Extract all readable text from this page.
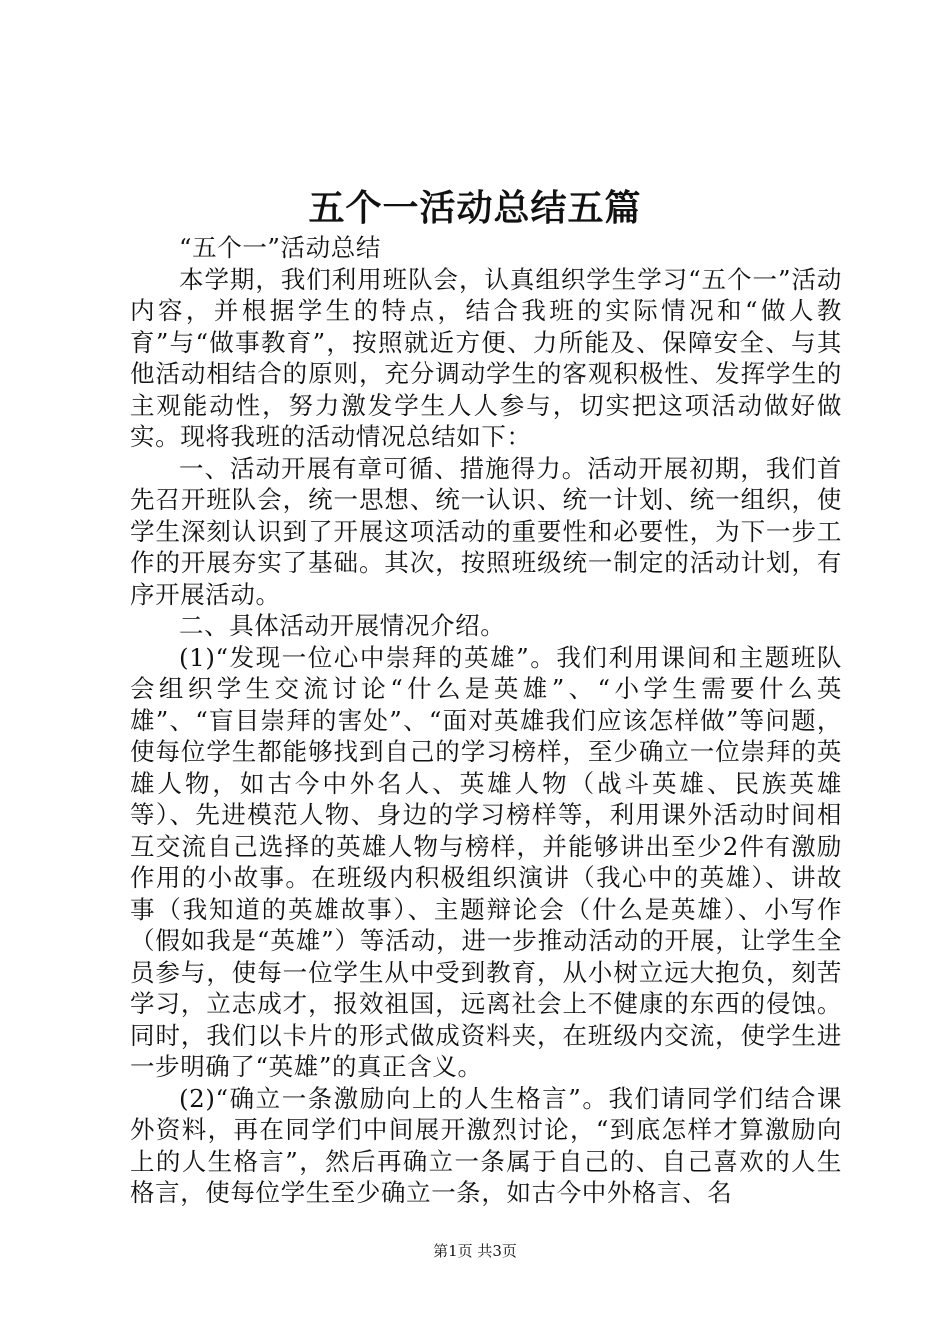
五个一活动总结五篇

“五个一”活动总结

本学期，我们利用班队会，认真组织学生学习“五个一”活动内容，并根据学生的特点，结合我班的实际情况和“做人教育”与“做事教育”，按照就近方便、力所能及、保障安全、与其他活动相结合的原则，充分调动学生的客观积极性、发挥学生的主观能动性，努力激发学生人人参与，切实把这项活动做好做实。现将我班的活动情况总结如下：

一、活动开展有章可循、措施得力。活动开展初期，我们首先召开班队会，统一思想、统一认识、统一计划、统一组织，使学生深刻认识到了开展这项活动的重要性和必要性，为下一步工作的开展夯实了基础。其次，按照班级统一制定的活动计划，有序开展活动。

二、具体活动开展情况介绍。

(1)“发现一位心中崇拜的英雄”。我们利用课间和主题班队会组织学生交流讨论“什么是英雄”、“小学生需要什么英雄”、“盲目崇拜的害处”、“面对英雄我们应该怎样做”等问题，使每位学生都能够找到自己的学习榜样，至少确立一位崇拜的英雄人物，如古今中外名人、英雄人物（战斗英雄、民族英雄等）、先进模范人物、身边的学习榜样等，利用课外活动时间相互交流自己选择的英雄人物与榜样，并能够讲出至少2件有激励作用的小故事。在班级内积极组织演讲（我心中的英雄）、讲故事（我知道的英雄故事）、主题辩论会（什么是英雄）、小写作（假如我是“英雄”）等活动，进一步推动活动的开展，让学生全员参与，使每一位学生从中受到教育，从小树立远大抱负，刻苦学习，立志成才，报效祖国，远离社会上不健康的东西的侵蚀。同时，我们以卡片的形式做成资料夹，在班级内交流，使学生进一步明确了“英雄”的真正含义。

(2)“确立一条激励向上的人生格言”。我们请同学们结合课外资料，再在同学们中间展开激烈讨论，“到底怎样才算激励向上的人生格言”，然后再确立一条属于自己的、自己喜欢的人生格言，使每位学生至少确立一条，如古今中外格言、名

第1页 共3页
